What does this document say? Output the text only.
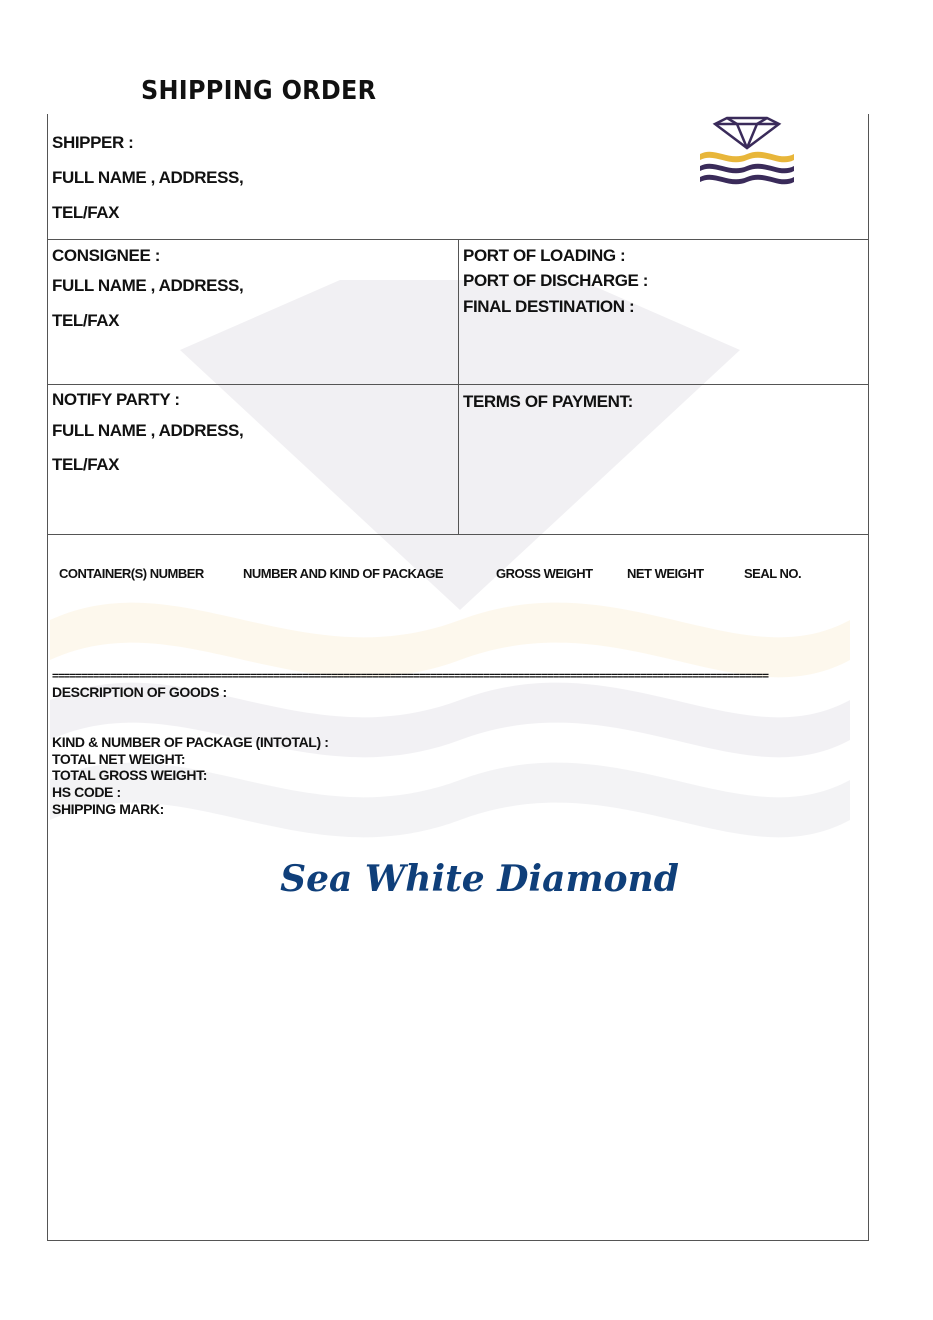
SHIPPING ORDER
SHIPPER :
FULL NAME , ADDRESS,
TEL/FAX
CONSIGNEE :
FULL NAME , ADDRESS,
TEL/FAX
PORT OF LOADING :
PORT OF DISCHARGE :
FINAL DESTINATION :
NOTIFY PARTY :
FULL NAME , ADDRESS,
TEL/FAX
TERMS OF PAYMENT:
CONTAINER(S) NUMBER	NUMBER AND KIND OF PACKAGE	GROSS WEIGHT	NET WEIGHT	SEAL NO.
===========================================================================================================================
DESCRIPTION OF GOODS :
KIND & NUMBER OF PACKAGE (INTOTAL) :
TOTAL NET WEIGHT:
TOTAL GROSS WEIGHT:
HS CODE :
SHIPPING MARK:
Sea White Diamond
